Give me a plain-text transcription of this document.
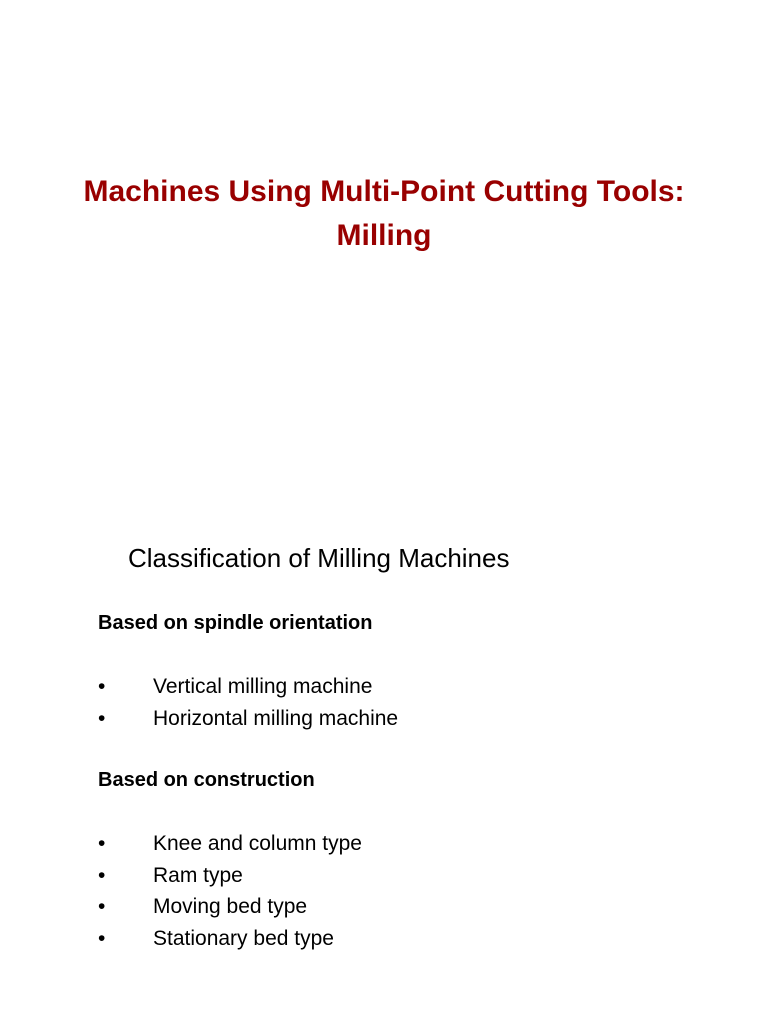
Machines Using Multi-Point Cutting Tools:
Milling
Classification of Milling Machines

Based on spindle orientation

• Vertical milling machine
• Horizontal milling machine

Based on construction

• Knee and column type
• Ram type
• Moving bed type
• Stationary bed type
